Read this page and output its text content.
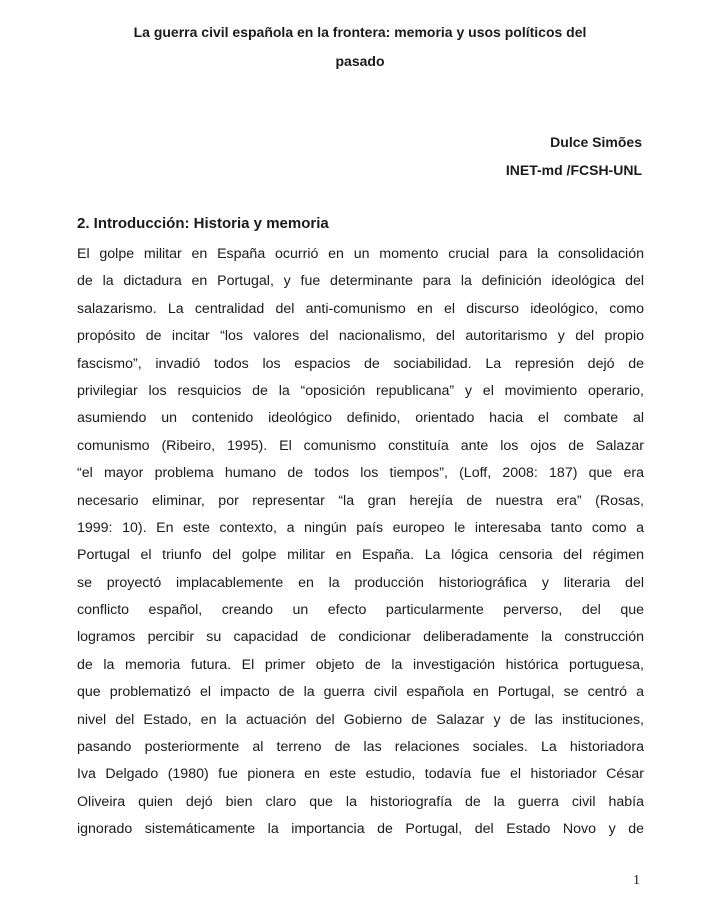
La guerra civil española en la frontera: memoria y usos políticos del
pasado
Dulce Simões
INET-md /FCSH-UNL
2. Introducción: Historia y memoria
El golpe militar en España ocurrió en un momento crucial para la consolidación
de la dictadura en Portugal, y fue determinante para la definición ideológica del
salazarismo. La centralidad del anti-comunismo en el discurso ideológico, como
propósito de incitar “los valores del nacionalismo, del autoritarismo y del propio
fascismo”, invadió todos los espacios de sociabilidad. La represión dejó de
privilegiar los resquicios de la “oposición republicana” y el movimiento operario,
asumiendo un contenido ideológico definido, orientado hacia el combate al
comunismo (Ribeiro, 1995). El comunismo constituía ante los ojos de Salazar
“el mayor problema humano de todos los tiempos”, (Loff, 2008: 187) que era
necesario eliminar, por representar “la gran herejía de nuestra era” (Rosas,
1999: 10). En este contexto, a ningún país europeo le interesaba tanto como a
Portugal el triunfo del golpe militar en España. La lógica censoria del régimen
se proyectó implacablemente en la producción historiográfica y literaria del
conflicto español, creando un efecto particularmente perverso, del que
logramos percibir su capacidad de condicionar deliberadamente la construcción
de la memoria futura. El primer objeto de la investigación histórica portuguesa,
que problematizó el impacto de la guerra civil española en Portugal, se centró a
nivel del Estado, en la actuación del Gobierno de Salazar y de las instituciones,
pasando posteriormente al terreno de las relaciones sociales. La historiadora
Iva Delgado (1980) fue pionera en este estudio, todavía fue el historiador César
Oliveira quien dejó bien claro que la historiografía de la guerra civil había
ignorado sistemáticamente la importancia de Portugal, del Estado Novo y de
1
